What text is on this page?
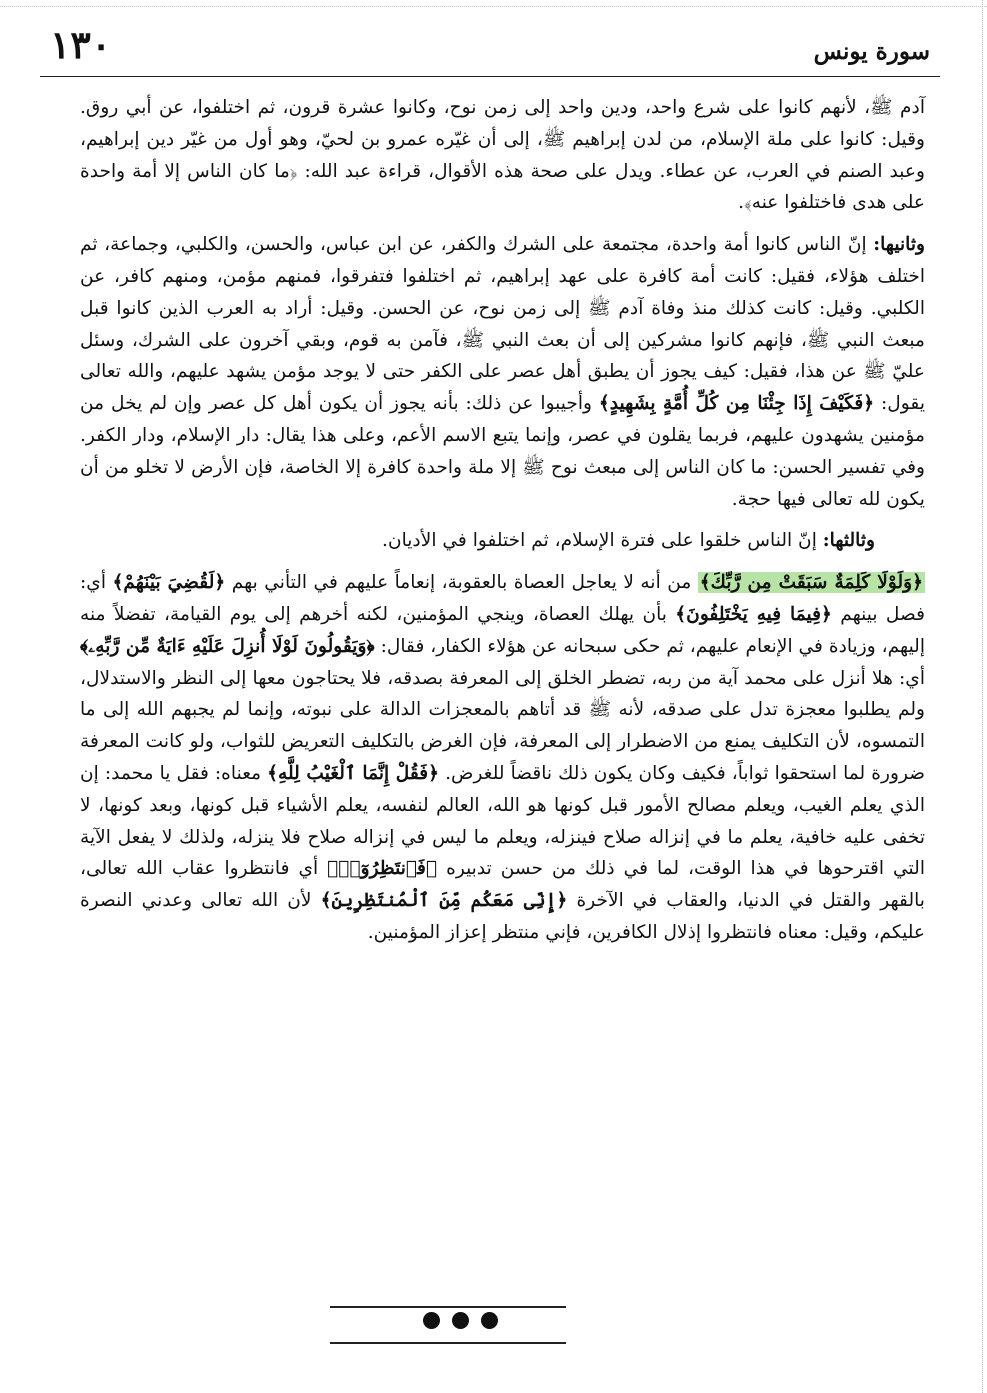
١٣٠	سورة يونس

آدم ﷺ، لأنهم كانوا على شرع واحد، ودين واحد إلى زمن نوح، وكانوا عشرة قرون، ثم اختلفوا، عن أبي روق. وقيل: كانوا على ملة الإسلام، من لدن إبراهيم ﷺ، إلى أن غيّره عمرو بن لحيّ، وهو أول من غيّر دين إبراهيم، وعبد الصنم في العرب، عن عطاء. ويدل على صحة هذه الأقوال، قراءة عبد الله: ﴿ما كان الناس إلا أمة واحدة على هدى فاختلفوا عنه﴾.

وثانيها: إنّ الناس كانوا أمة واحدة، مجتمعة على الشرك والكفر، عن ابن عباس، والحسن، والكلبي، وجماعة، ثم اختلف هؤلاء، فقيل: كانت أمة كافرة على عهد إبراهيم، ثم اختلفوا فتفرقوا، فمنهم مؤمن، ومنهم كافر، عن الكلبي. وقيل: كانت كذلك منذ وفاة آدم ﷺ إلى زمن نوح، عن الحسن. وقيل: أراد به العرب الذين كانوا قبل مبعث النبي ﷺ، فإنهم كانوا مشركين إلى أن بعث النبي ﷺ، فآمن به قوم، وبقي آخرون على الشرك، وسئل عليّ ﷺ عن هذا، فقيل: كيف يجوز أن يطبق أهل عصر على الكفر حتى لا يوجد مؤمن يشهد عليهم، والله تعالى يقول: ﴿فَكَيْفَ إِذَا جِئْنَا مِن كُلِّ أُمَّةٍ بِشَهِيدٍ﴾ وأجيبوا عن ذلك: بأنه يجوز أن يكون أهل كل عصر وإن لم يخل من مؤمنين يشهدون عليهم، فربما يقلون في عصر، وإنما يتبع الاسم الأعم، وعلى هذا يقال: دار الإسلام، ودار الكفر. وفي تفسير الحسن: ما كان الناس إلى مبعث نوح ﷺ إلا ملة واحدة كافرة إلا الخاصة، فإن الأرض لا تخلو من أن يكون لله تعالى فيها حجة.

وثالثها: إنّ الناس خلقوا على فترة الإسلام، ثم اختلفوا في الأديان.

﴿وَلَوْلَا كَلِمَةٌ سَبَقَتْ مِن رَّبِّكَ﴾ من أنه لا يعاجل العصاة بالعقوبة، إنعاماً عليهم في التأني بهم ﴿لَقُضِيَ بَيْنَهُمْ﴾ أي: فصل بينهم ﴿فِيمَا فِيهِ يَخْتَلِفُونَ﴾ بأن يهلك العصاة، وينجي المؤمنين، لكنه أخرهم إلى يوم القيامة، تفضلاً منه إليهم، وزيادة في الإنعام عليهم، ثم حكى سبحانه عن هؤلاء الكفار، فقال: ﴿وَيَقُولُونَ لَوْلَا أُنزِلَ عَلَيْهِ ءَايَةٌ مِّن رَّبِّهِۦ﴾ أي: هلا أنزل على محمد آية من ربه، تضطر الخلق إلى المعرفة بصدقه، فلا يحتاجون معها إلى النظر والاستدلال، ولم يطلبوا معجزة تدل على صدقه، لأنه ﷺ قد أتاهم بالمعجزات الدالة على نبوته، وإنما لم يجبهم الله إلى ما التمسوه، لأن التكليف يمنع من الاضطرار إلى المعرفة، فإن الغرض بالتكليف التعريض للثواب، ولو كانت المعرفة ضرورة لما استحقوا ثواباً، فكيف وكان يكون ذلك ناقضاً للغرض. ﴿فَقُلْ إِنَّمَا ٱلْغَيْبُ لِلَّهِ﴾ معناه: فقل يا محمد: إن الذي يعلم الغيب، ويعلم مصالح الأمور قبل كونها هو الله، العالم لنفسه، يعلم الأشياء قبل كونها، وبعد كونها، لا تخفى عليه خافية، يعلم ما في إنزاله صلاح فينزله، ويعلم ما ليس في إنزاله صلاح فلا ينزله، ولذلك لا يفعل الآية التي اقترحوها في هذا الوقت، لما في ذلك من حسن تدبيره ﴿فَٱنتَظِرُوٓا۟﴾ أي فانتظروا عقاب الله تعالى، بالقهر والقتل في الدنيا، والعقاب في الآخرة ﴿إِنِّى مَعَكُم مِّنَ ٱلْمُنتَظِرِينَ﴾ لأن الله تعالى وعدني النصرة عليكم، وقيل: معناه فانتظروا إذلال الكافرين، فإني منتظر إعزاز المؤمنين.
